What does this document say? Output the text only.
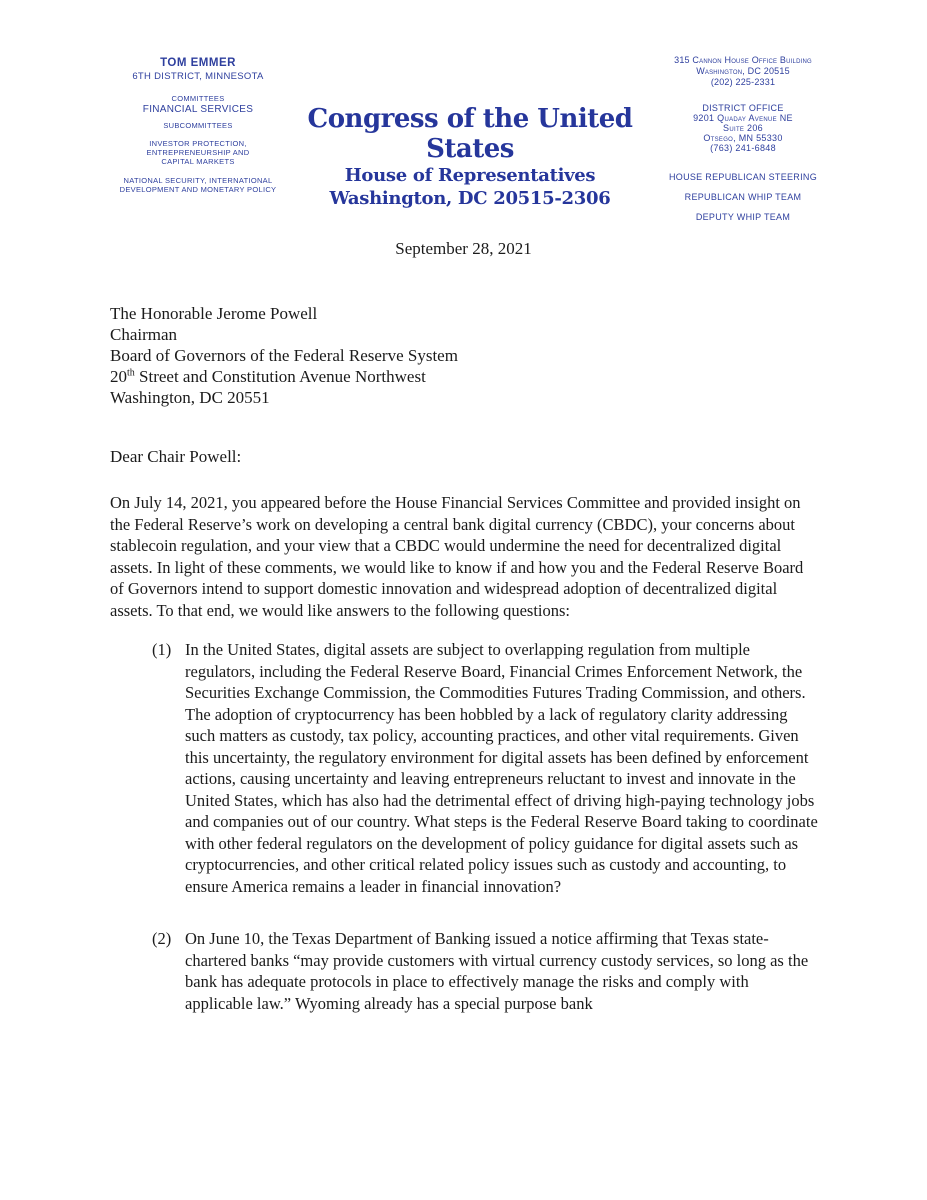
TOM EMMER
6TH DISTRICT, MINNESOTA
COMMITTEES
FINANCIAL SERVICES
SUBCOMMITTEES
INVESTOR PROTECTION,
ENTREPRENEURSHIP AND
CAPITAL MARKETS
NATIONAL SECURITY, INTERNATIONAL
DEVELOPMENT AND MONETARY POLICY
Congress of the United States
House of Representatives
Washington, DC 20515-2306
315 Cannon House Office Building
Washington, DC 20515
(202) 225-2331
DISTRICT OFFICE
9201 Quaday Avenue NE
Suite 206
Otsego, MN 55330
(763) 241-6848
HOUSE REPUBLICAN STEERING
REPUBLICAN WHIP TEAM
DEPUTY WHIP TEAM
September 28, 2021
The Honorable Jerome Powell
Chairman
Board of Governors of the Federal Reserve System
20th Street and Constitution Avenue Northwest
Washington, DC 20551
Dear Chair Powell:

On July 14, 2021, you appeared before the House Financial Services Committee and provided insight on the Federal Reserve’s work on developing a central bank digital currency (CBDC), your concerns about stablecoin regulation, and your view that a CBDC would undermine the need for decentralized digital assets. In light of these comments, we would like to know if and how you and the Federal Reserve Board of Governors intend to support domestic innovation and widespread adoption of decentralized digital assets. To that end, we would like answers to the following questions:

(1) In the United States, digital assets are subject to overlapping regulation from multiple regulators, including the Federal Reserve Board, Financial Crimes Enforcement Network, the Securities Exchange Commission, the Commodities Futures Trading Commission, and others. The adoption of cryptocurrency has been hobbled by a lack of regulatory clarity addressing such matters as custody, tax policy, accounting practices, and other vital requirements. Given this uncertainty, the regulatory environment for digital assets has been defined by enforcement actions, causing uncertainty and leaving entrepreneurs reluctant to invest and innovate in the United States, which has also had the detrimental effect of driving high-paying technology jobs and companies out of our country. What steps is the Federal Reserve Board taking to coordinate with other federal regulators on the development of policy guidance for digital assets such as cryptocurrencies, and other critical related policy issues such as custody and accounting, to ensure America remains a leader in financial innovation?
(2) On June 10, the Texas Department of Banking issued a notice affirming that Texas state-chartered banks “may provide customers with virtual currency custody services, so long as the bank has adequate protocols in place to effectively manage the risks and comply with applicable law.” Wyoming already has a special purpose bank
